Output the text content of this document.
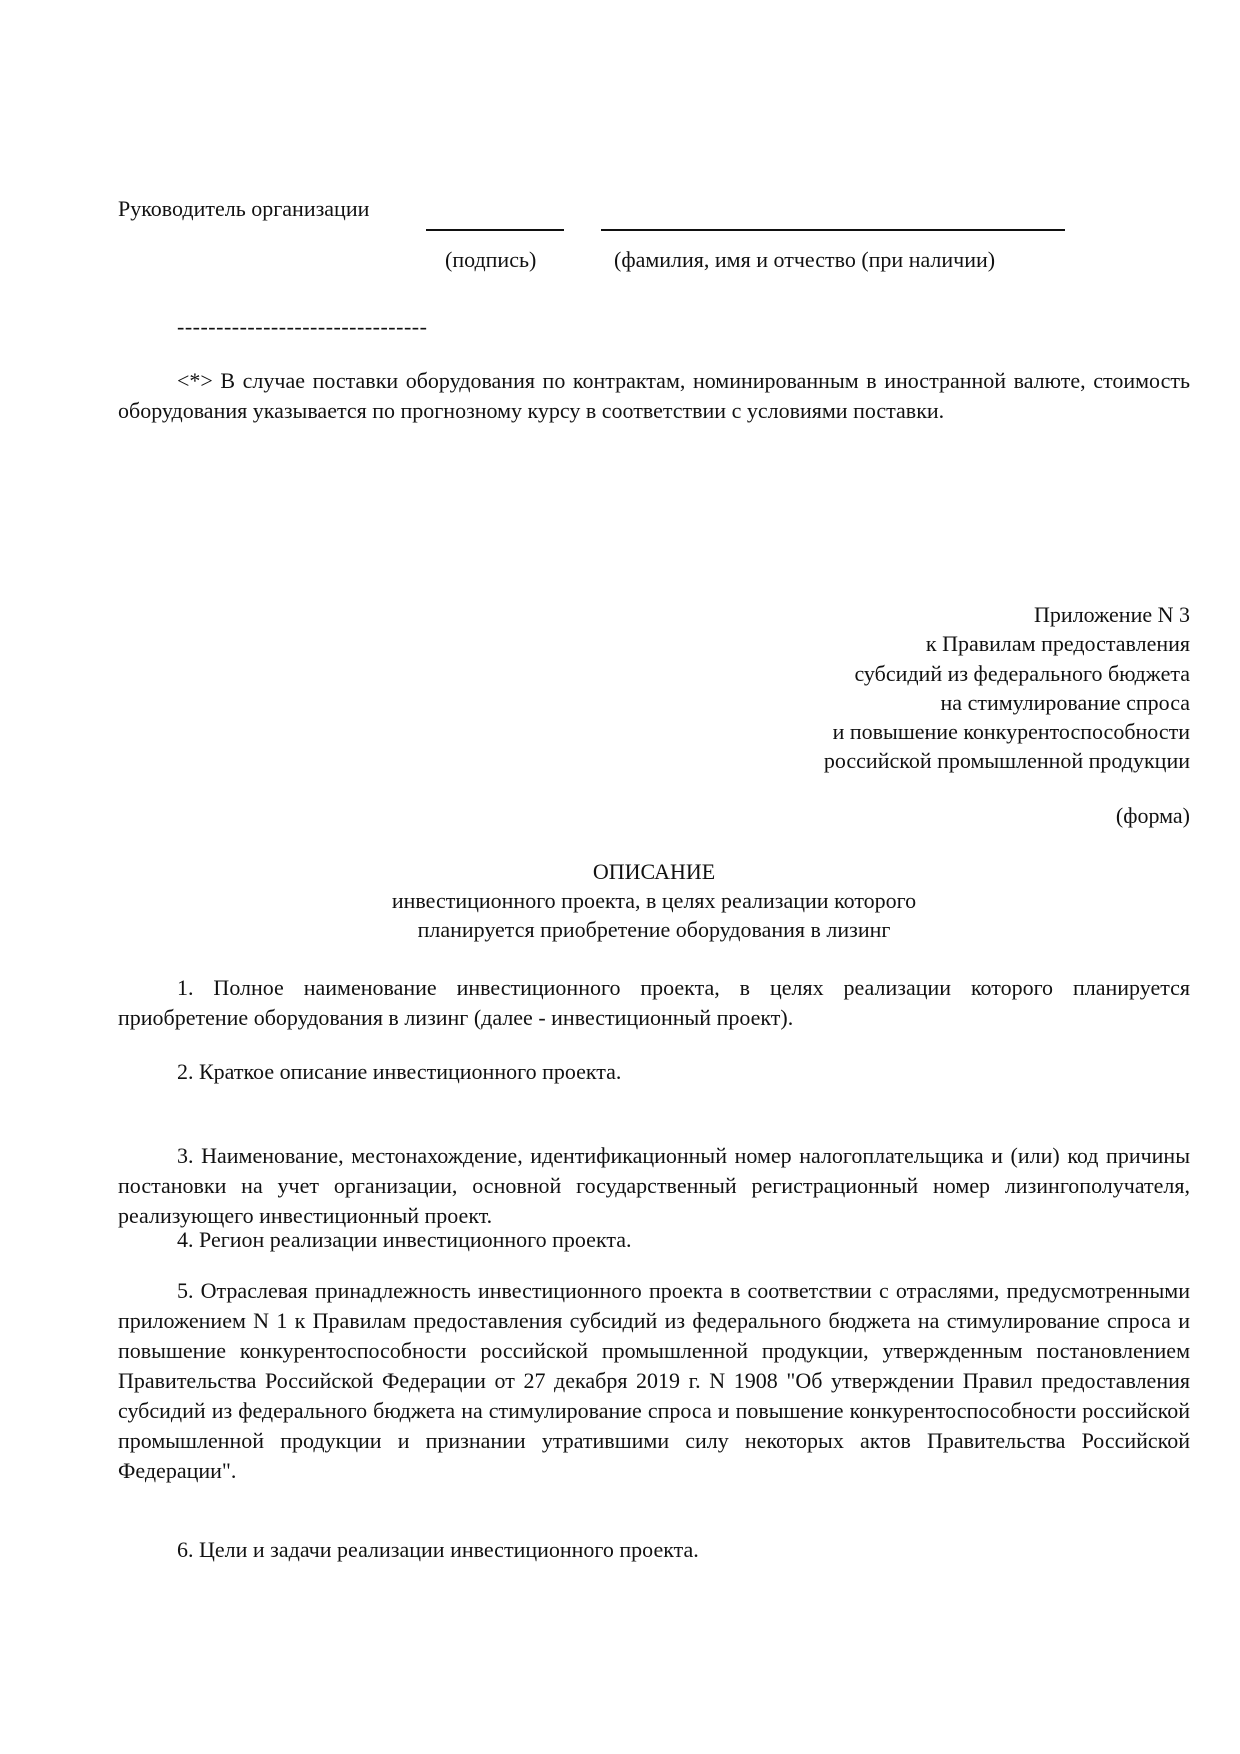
Руководитель организации
(подпись)	(фамилия, имя и отчество (при наличии)
--------------------------------

<*> В случае поставки оборудования по контрактам, номинированным в иностранной валюте, стоимость оборудования указывается по прогнозному курсу в соответствии с условиями поставки.

Приложение N 3
к Правилам предоставления
субсидий из федерального бюджета
на стимулирование спроса
и повышение конкурентоспособности
российской промышленной продукции
(форма)
ОПИСАНИЕ
инвестиционного проекта, в целях реализации которого
планируется приобретение оборудования в лизинг

1. Полное наименование инвестиционного проекта, в целях реализации которого планируется приобретение оборудования в лизинг (далее - инвестиционный проект).

2. Краткое описание инвестиционного проекта.

3. Наименование, местонахождение, идентификационный номер налогоплательщика и (или) код причины постановки на учет организации, основной государственный регистрационный номер лизингополучателя, реализующего инвестиционный проект.

4. Регион реализации инвестиционного проекта.

5. Отраслевая принадлежность инвестиционного проекта в соответствии с отраслями, предусмотренными приложением N 1 к Правилам предоставления субсидий из федерального бюджета на стимулирование спроса и повышение конкурентоспособности российской промышленной продукции, утвержденным постановлением Правительства Российской Федерации от 27 декабря 2019 г. N 1908 "Об утверждении Правил предоставления субсидий из федерального бюджета на стимулирование спроса и повышение конкурентоспособности российской промышленной продукции и признании утратившими силу некоторых актов Правительства Российской Федерации".

6. Цели и задачи реализации инвестиционного проекта.
